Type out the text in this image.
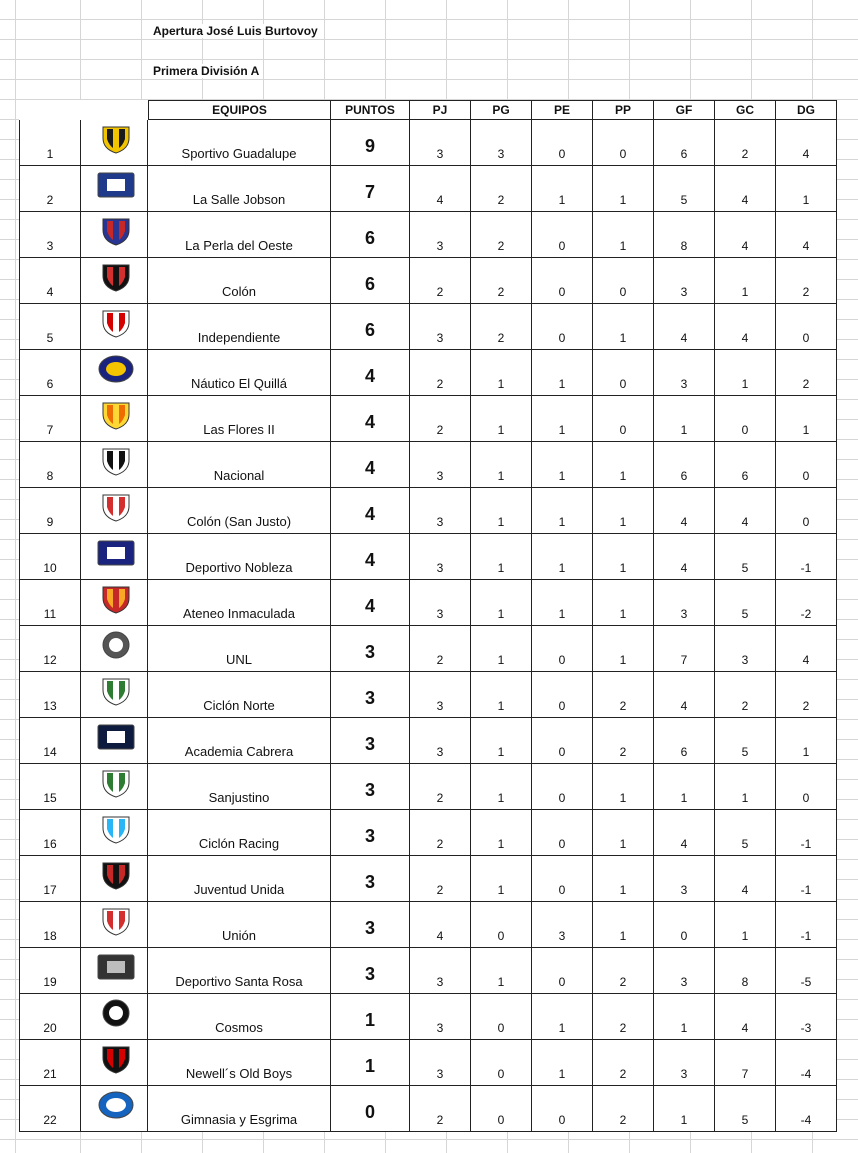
Apertura José Luis Burtovoy
Primera División A
EQUIPOS	PUNTOS	PJ	PG	PE	PP	GF	GC	DG
1	Sportivo Guadalupe	9	3	3	0	0	6	2	4
2	La Salle Jobson	7	4	2	1	1	5	4	1
3	La Perla del Oeste	6	3	2	0	1	8	4	4
4	Colón	6	2	2	0	0	3	1	2
5	Independiente	6	3	2	0	1	4	4	0
6	Náutico El Quillá	4	2	1	1	0	3	1	2
7	Las Flores II	4	2	1	1	0	1	0	1
8	Nacional	4	3	1	1	1	6	6	0
9	Colón (San Justo)	4	3	1	1	1	4	4	0
10	Deportivo Nobleza	4	3	1	1	1	4	5	-1
11	Ateneo Inmaculada	4	3	1	1	1	3	5	-2
12	UNL	3	2	1	0	1	7	3	4
13	Ciclón Norte	3	3	1	0	2	4	2	2
14	Academia Cabrera	3	3	1	0	2	6	5	1
15	Sanjustino	3	2	1	0	1	1	1	0
16	Ciclón Racing	3	2	1	0	1	4	5	-1
17	Juventud Unida	3	2	1	0	1	3	4	-1
18	Unión	3	4	0	3	1	0	1	-1
19	Deportivo Santa Rosa	3	3	1	0	2	3	8	-5
20	Cosmos	1	3	0	1	2	1	4	-3
21	Newell´s Old Boys	1	3	0	1	2	3	7	-4
22	Gimnasia y Esgrima	0	2	0	0	2	1	5	-4
